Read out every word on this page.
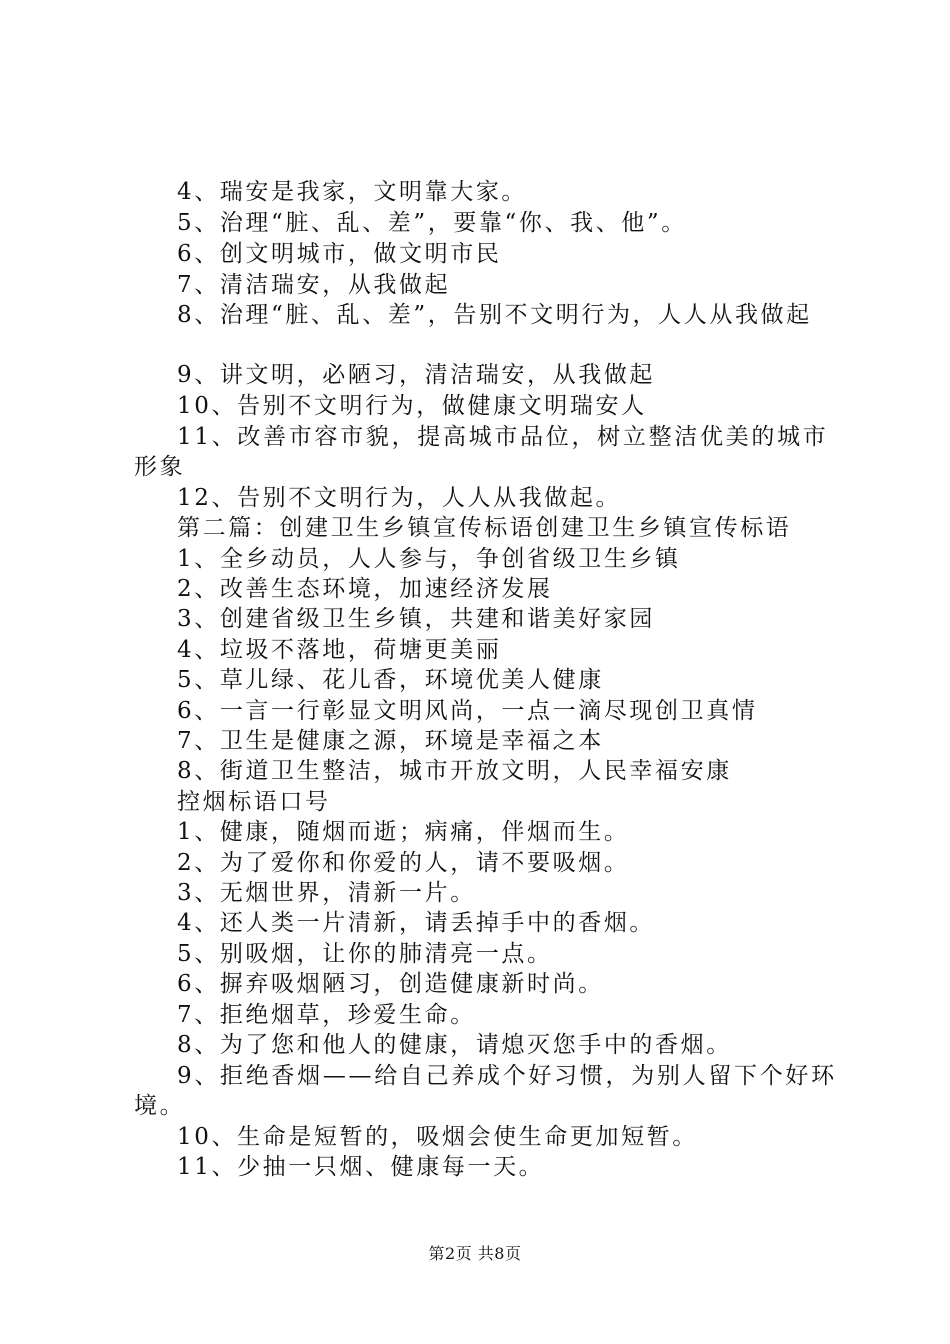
4、瑞安是我家，文明靠大家。
5、治理“脏、乱、差”，要靠“你、我、他”。
6、创文明城市，做文明市民
7、清洁瑞安，从我做起
8、治理“脏、乱、差”，告别不文明行为，人人从我做起
9、讲文明，必陋习，清洁瑞安，从我做起
10、告别不文明行为，做健康文明瑞安人
11、改善市容市貌，提高城市品位，树立整洁优美的城市
形象
12、告别不文明行为，人人从我做起。
第二篇：创建卫生乡镇宣传标语创建卫生乡镇宣传标语
1、全乡动员，人人参与，争创省级卫生乡镇
2、改善生态环境，加速经济发展
3、创建省级卫生乡镇，共建和谐美好家园
4、垃圾不落地，荷塘更美丽
5、草儿绿、花儿香，环境优美人健康
6、一言一行彰显文明风尚，一点一滴尽现创卫真情
7、卫生是健康之源，环境是幸福之本
8、街道卫生整洁，城市开放文明，人民幸福安康
控烟标语口号
1、健康，随烟而逝；病痛，伴烟而生。
2、为了爱你和你爱的人，请不要吸烟。
3、无烟世界，清新一片。
4、还人类一片清新，请丢掉手中的香烟。
5、别吸烟，让你的肺清亮一点。
6、摒弃吸烟陋习，创造健康新时尚。
7、拒绝烟草，珍爱生命。
8、为了您和他人的健康，请熄灭您手中的香烟。
9、拒绝香烟——给自己养成个好习惯，为别人留下个好环
境。
10、生命是短暂的，吸烟会使生命更加短暂。
11、少抽一只烟、健康每一天。
第2页 共8页
